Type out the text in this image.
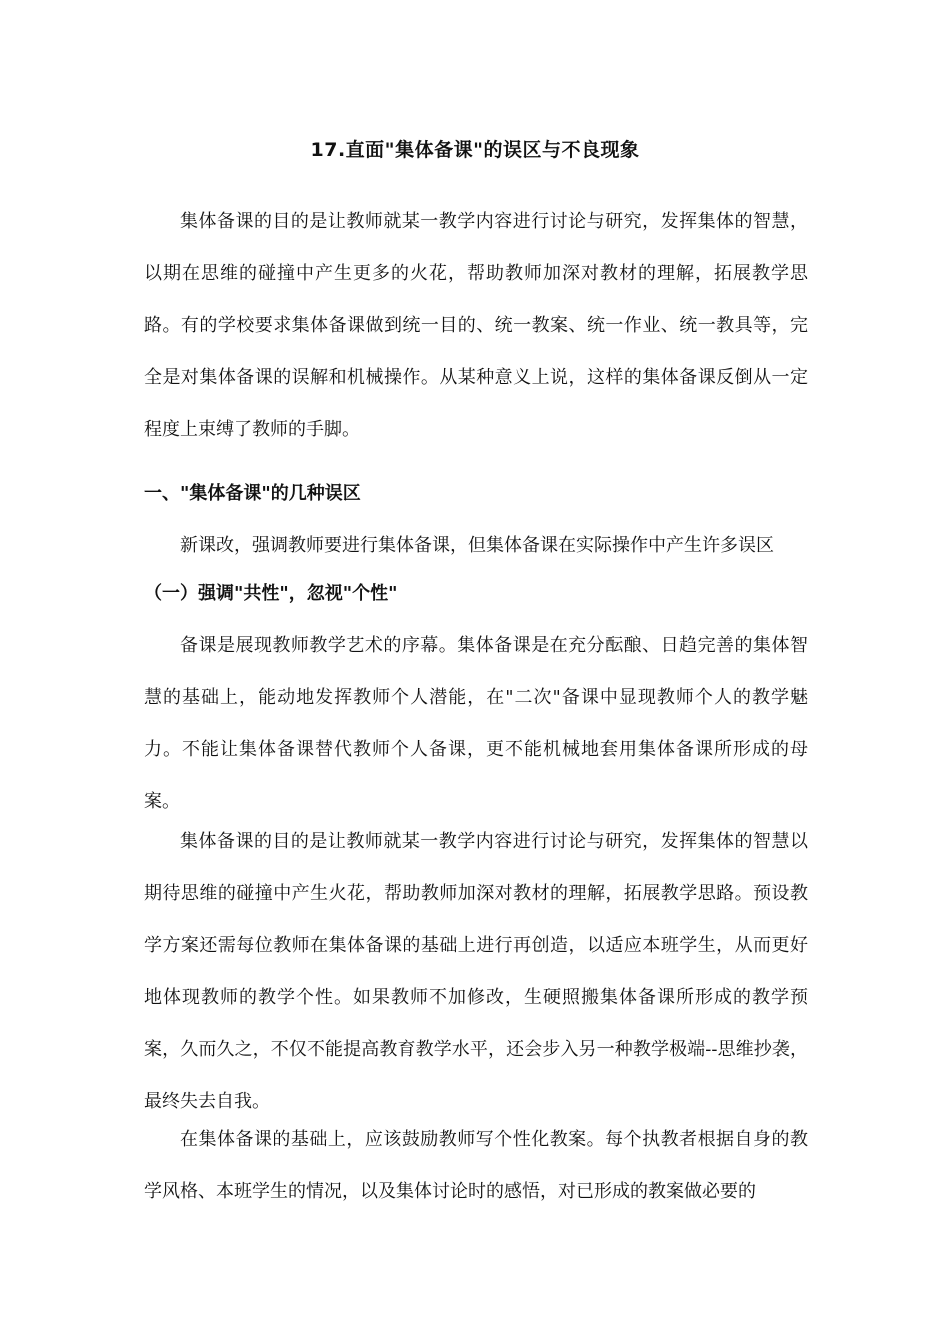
17.直面"集体备课"的误区与不良现象

集体备课的目的是让教师就某一教学内容进行讨论与研究，发挥集体的智慧，以期在思维的碰撞中产生更多的火花，帮助教师加深对教材的理解，拓展教学思路。有的学校要求集体备课做到统一目的、统一教案、统一作业、统一教具等，完全是对集体备课的误解和机械操作。从某种意义上说，这样的集体备课反倒从一定程度上束缚了教师的手脚。

一、"集体备课"的几种误区

新课改，强调教师要进行集体备课，但集体备课在实际操作中产生许多误区

（一）强调"共性"，忽视"个性"

备课是展现教师教学艺术的序幕。集体备课是在充分酝酿、日趋完善的集体智慧的基础上，能动地发挥教师个人潜能，在"二次"备课中显现教师个人的教学魅力。不能让集体备课替代教师个人备课，更不能机械地套用集体备课所形成的母案。

集体备课的目的是让教师就某一教学内容进行讨论与研究，发挥集体的智慧以期待思维的碰撞中产生火花，帮助教师加深对教材的理解，拓展教学思路。预设教学方案还需每位教师在集体备课的基础上进行再创造，以适应本班学生，从而更好地体现教师的教学个性。如果教师不加修改，生硬照搬集体备课所形成的教学预案，久而久之，不仅不能提高教育教学水平，还会步入另一种教学极端--思维抄袭，最终失去自我。

在集体备课的基础上，应该鼓励教师写个性化教案。每个执教者根据自身的教学风格、本班学生的情况，以及集体讨论时的感悟，对已形成的教案做必要的
